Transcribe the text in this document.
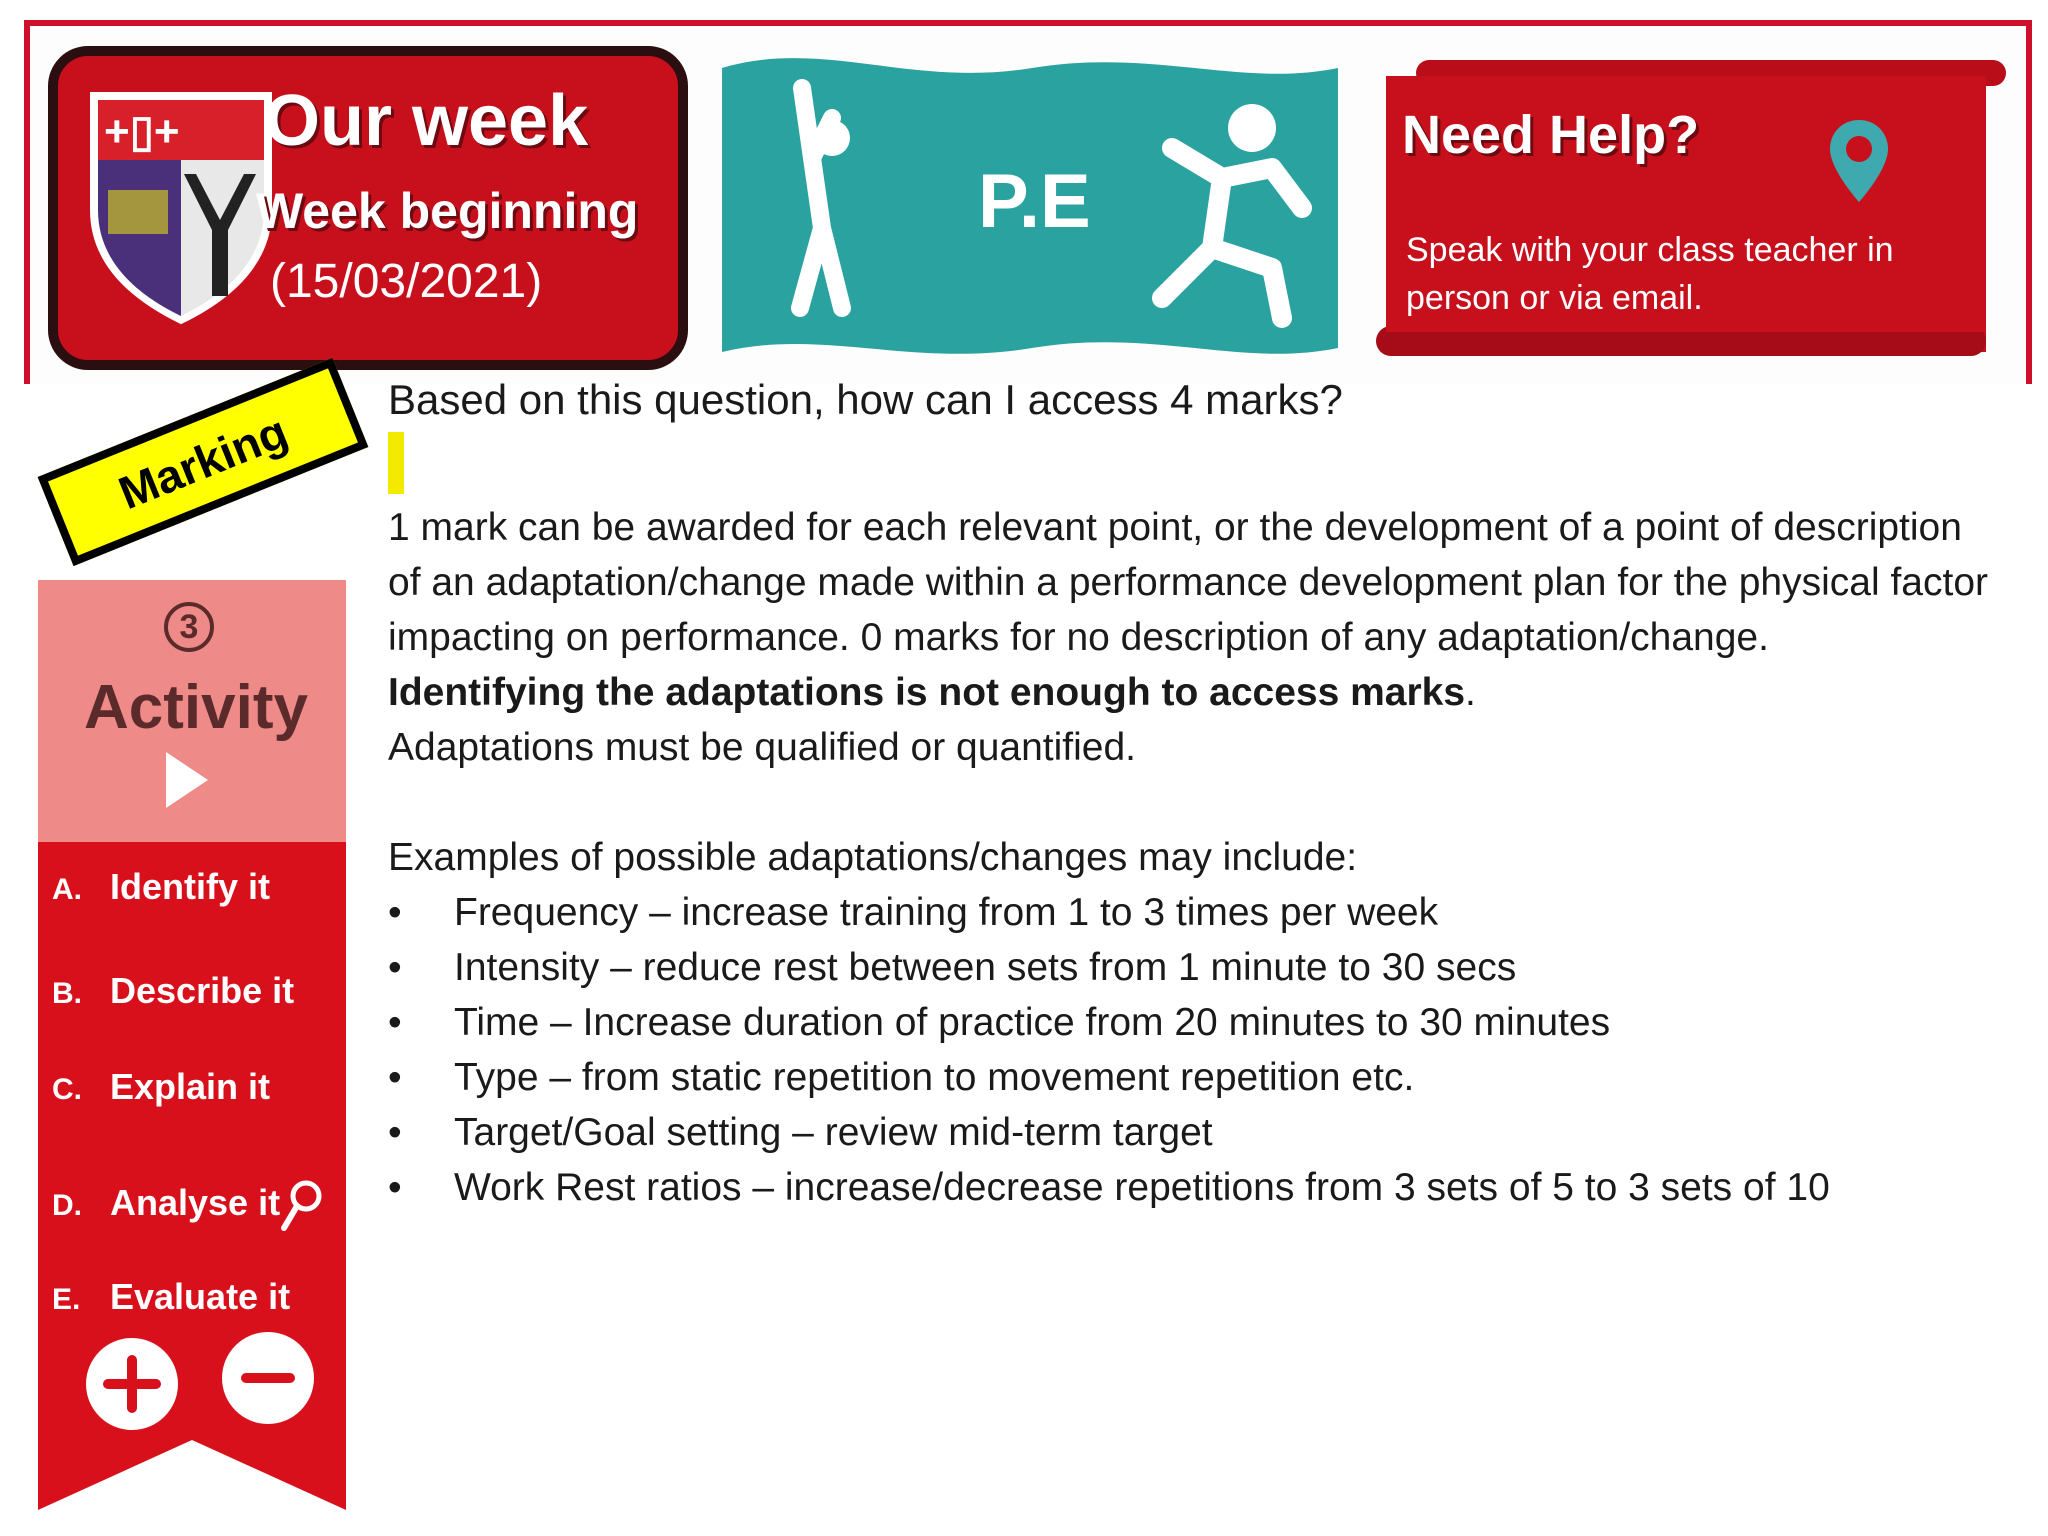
+▯+ Our week
Week beginning
(15/03/2021)
P.E
Need Help?
Speak with your class teacher in person or via email.
Marking
3
Activity
A. Identify it
B. Describe it
C. Explain it
D. Analyse it
E. Evaluate it
Based on this question, how can I access 4 marks?

1 mark can be awarded for each relevant point, or the development of a point of description of an adaptation/change made within a performance development plan for the physical factor impacting on performance. 0 marks for no description of any adaptation/change.

Identifying the adaptations is not enough to access marks.

Adaptations must be qualified or quantified.

Examples of possible adaptations/changes may include:

• Frequency – increase training from 1 to 3 times per week
• Intensity – reduce rest between sets from 1 minute to 30 secs
• Time – Increase duration of practice from 20 minutes to 30 minutes
• Type – from static repetition to movement repetition etc.
• Target/Goal setting – review mid-term target
• Work Rest ratios – increase/decrease repetitions from 3 sets of 5 to 3 sets of 10
